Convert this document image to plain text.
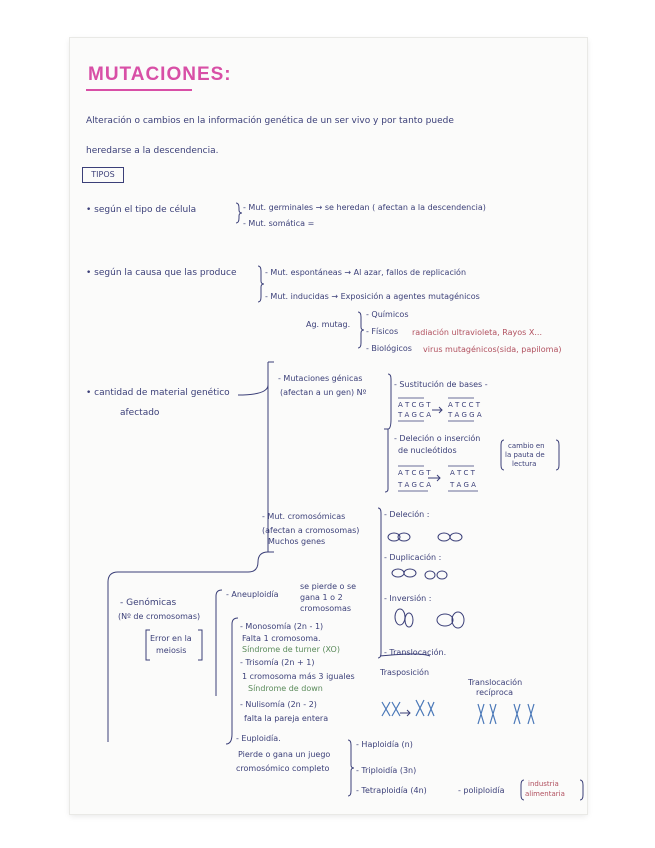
MUTACIONES:
Alteración o cambios en la información genética de un ser vivo y por tanto puede
heredarse a la descendencia.
TIPOS
• según el tipo de célula	- Mut. germinales → se heredan ( afectan a la descendencia)
- Mut. somática =
• según la causa que las produce	- Mut. espontáneas → Al azar, fallos de replicación
- Mut. inducidas → Exposición a agentes mutagénicos
Ag. mutag.
- Químicos
- Físicos radiación ultravioleta, Rayos X...
- Biológicos virus mutagénicos(sida, papiloma)
• cantidad de material genético
afectado
- Mutaciones génicas
(afectan a un gen) Nº
- Sustitución de bases -
A T C G T
T A G C A
A T C C T
T A G G A
- Deleción o inserción
de nucleótidos	cambio en
la pauta de
lectura
A T C G T
T A G C A
A T C T
T A G A
- Mut. cromosómicas
(afectan a cromosomas)
Muchos genes
- Deleción :
- Duplicación :
- Inversión :
- Translocación.
Trasposición
Translocación
recíproca
- Genómicas
(Nº de cromosomas)
Error en la
meiosis
- Aneuploidía
se pierde o se
gana 1 o 2
cromosomas
- Monosomía (2n - 1)
Falta 1 cromosoma.
Síndrome de turner (XO)
- Trisomía (2n + 1)
1 cromosoma más 3 iguales
Síndrome de down
- Nulisomía (2n - 2)
falta la pareja entera
- Euploidía.
Pierde o gana un juego
cromosómico completo
- Haploidía (n)
- Triploidía (3n)
- Tetraploidía (4n)	- poliploidía
industria
alimentaria
